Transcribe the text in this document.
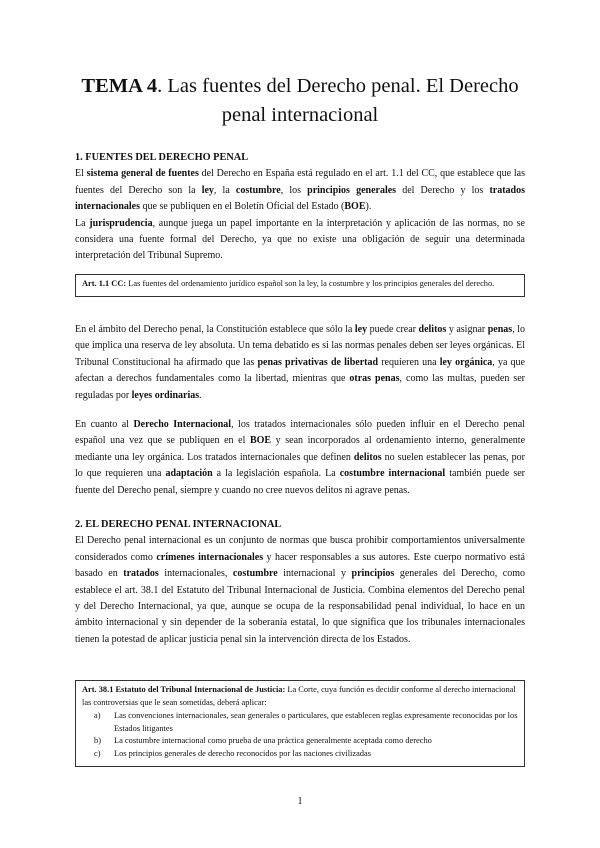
TEMA 4. Las fuentes del Derecho penal. El Derecho penal internacional

1. FUENTES DEL DERECHO PENAL

El sistema general de fuentes del Derecho en España está regulado en el art. 1.1 del CC, que establece que las fuentes del Derecho son la ley, la costumbre, los principios generales del Derecho y los tratados internacionales que se publiquen en el Boletín Oficial del Estado (BOE).

La jurisprudencia, aunque juega un papel importante en la interpretación y aplicación de las normas, no se considera una fuente formal del Derecho, ya que no existe una obligación de seguir una determinada interpretación del Tribunal Supremo.

Art. 1.1 CC: Las fuentes del ordenamiento jurídico español son la ley, la costumbre y los principios generales del derecho.

En el ámbito del Derecho penal, la Constitución establece que sólo la ley puede crear delitos y asignar penas, lo que implica una reserva de ley absoluta. Un tema debatido es si las normas penales deben ser leyes orgánicas. El Tribunal Constitucional ha afirmado que las penas privativas de libertad requieren una ley orgánica, ya que afectan a derechos fundamentales como la libertad, mientras que otras penas, como las multas, pueden ser reguladas por leyes ordinarias.

En cuanto al Derecho Internacional, los tratados internacionales sólo pueden influir en el Derecho penal español una vez que se publiquen en el BOE y sean incorporados al ordenamiento interno, generalmente mediante una ley orgánica. Los tratados internacionales que definen delitos no suelen establecer las penas, por lo que requieren una adaptación a la legislación española. La costumbre internacional también puede ser fuente del Derecho penal, siempre y cuando no cree nuevos delitos ni agrave penas.

2. EL DERECHO PENAL INTERNACIONAL

El Derecho penal internacional es un conjunto de normas que busca prohibir comportamientos universalmente considerados como crímenes internacionales y hacer responsables a sus autores. Este cuerpo normativo está basado en tratados internacionales, costumbre internacional y principios generales del Derecho, como establece el art. 38.1 del Estatuto del Tribunal Internacional de Justicia. Combina elementos del Derecho penal y del Derecho Internacional, ya que, aunque se ocupa de la responsabilidad penal individual, lo hace en un ámbito internacional y sin depender de la soberanía estatal, lo que significa que los tribunales internacionales tienen la potestad de aplicar justicia penal sin la intervención directa de los Estados.

Art. 38.1 Estatuto del Tribunal Internacional de Justicia: La Corte, cuya función es decidir conforme al derecho internacional las controversias que le sean sometidas, deberá aplicar:
a) Las convenciones internacionales, sean generales o particulares, que establecen reglas expresamente reconocidas por los Estados litigantes
b) La costumbre internacional como prueba de una práctica generalmente aceptada como derecho
c) Los principios generales de derecho reconocidos por las naciones civilizadas
1
